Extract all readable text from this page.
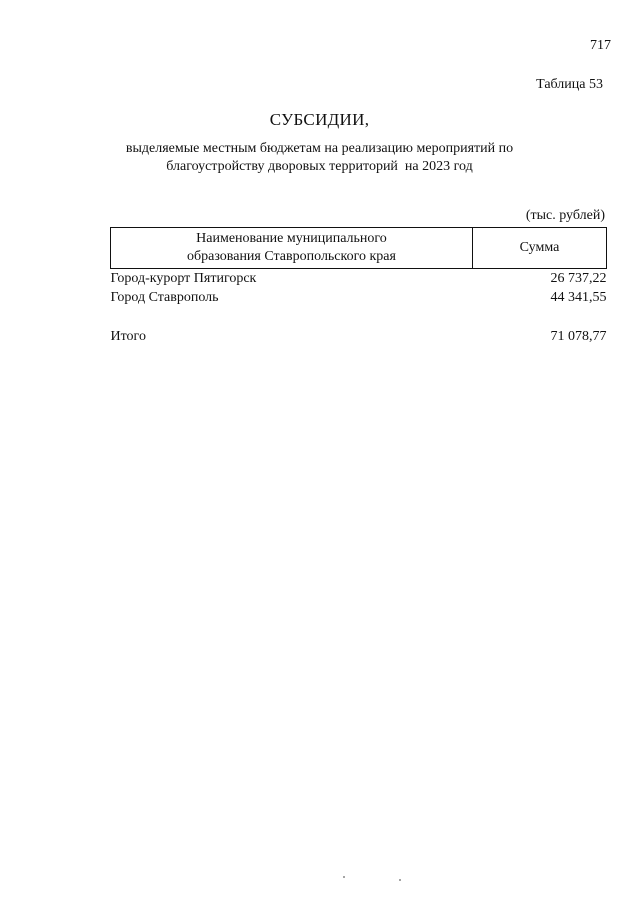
717
Таблица 53
СУБСИДИИ,
выделяемые местным бюджетам на реализацию мероприятий по
благоустройству дворовых территорий  на 2023 год
(тыс. рублей)
Наименование муниципального
образования Ставропольского края	Сумма
Город-курорт Пятигорск	26 737,22
Город Ставрополь	44 341,55

Итого	71 078,77
